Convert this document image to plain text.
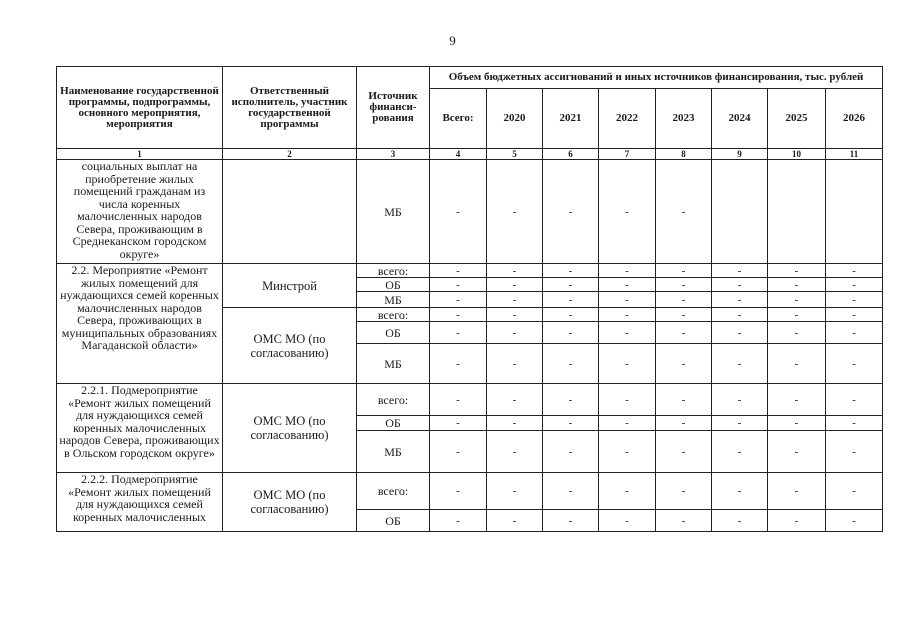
9
Наименование государственной программы, подпрограммы, основного мероприятия, мероприятия	Ответственный исполнитель, участник государственной программы	Источник финанси-рования	Объем бюджетных ассигнований и иных источников финансирования, тыс. рублей							
			Всего:	2020	2021	2022	2023	2024	2025	2026
1	2	3	4	5	6	7	8	9	10	11
социальных выплат на приобретение жилых помещений гражданам из числа коренных малочисленных народов Севера, проживающим в Среднеканском городском округе»		МБ	-	-	-	-	-			
2.2. Мероприятие «Ремонт жилых помещений для нуждающихся семей коренных малочисленных народов Севера, проживающих в муниципальных образованиях Магаданской области»	Минстрой	всего:	-	-	-	-	-	-	-	-
		ОБ	-	-	-	-	-	-	-	-
		МБ	-	-	-	-	-	-	-	-
	ОМС МО (по согласованию)	всего:	-	-	-	-	-	-	-	-
		ОБ	-	-	-	-	-	-	-	-
		МБ	-	-	-	-	-	-	-	-
2.2.1. Подмероприятие «Ремонт жилых помещений для нуждающихся семей коренных малочисленных народов Севера, проживающих в Ольском городском округе»	ОМС МО (по согласованию)	всего:	-	-	-	-	-	-	-	-
		ОБ	-	-	-	-	-	-	-	-
		МБ	-	-	-	-	-	-	-	-
2.2.2. Подмероприятие «Ремонт жилых помещений для нуждающихся семей коренных малочисленных	ОМС МО (по согласованию)	всего:	-	-	-	-	-	-	-	-
		ОБ	-	-	-	-	-	-	-	-
